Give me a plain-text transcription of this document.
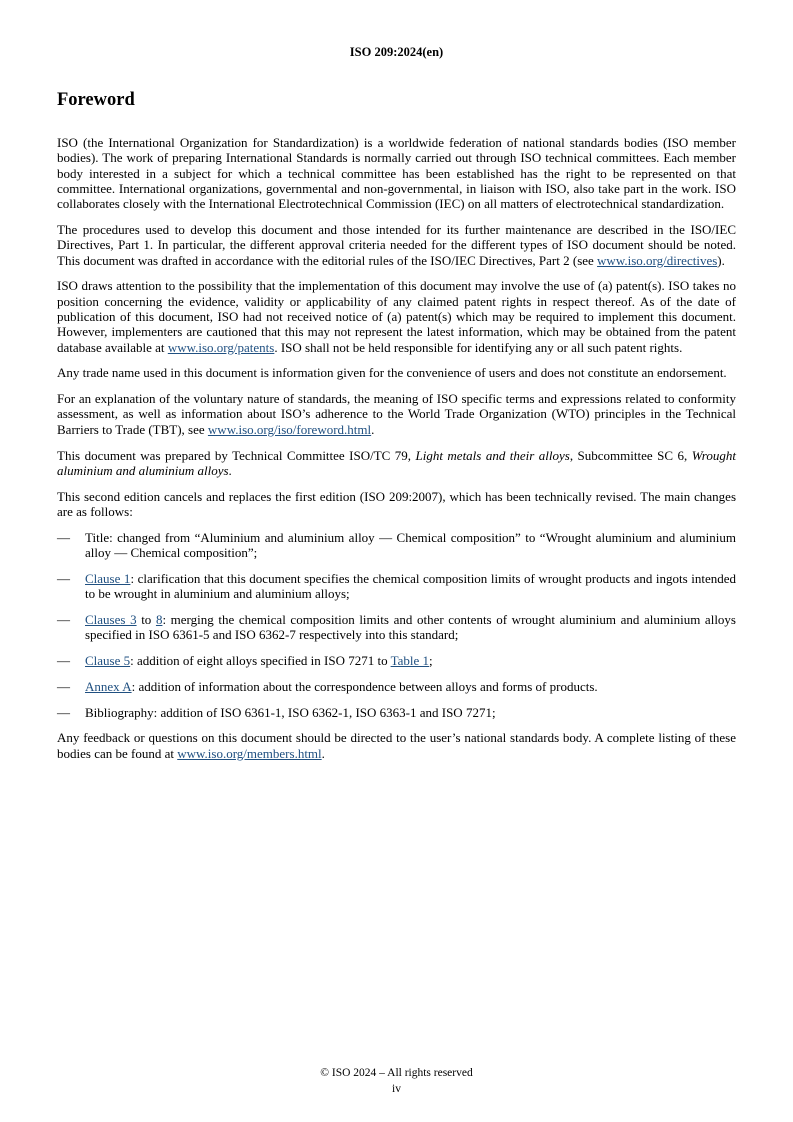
ISO 209:2024(en)
Foreword

ISO (the International Organization for Standardization) is a worldwide federation of national standards bodies (ISO member bodies). The work of preparing International Standards is normally carried out through ISO technical committees. Each member body interested in a subject for which a technical committee has been established has the right to be represented on that committee. International organizations, governmental and non-governmental, in liaison with ISO, also take part in the work. ISO collaborates closely with the International Electrotechnical Commission (IEC) on all matters of electrotechnical standardization.

The procedures used to develop this document and those intended for its further maintenance are described in the ISO/IEC Directives, Part 1. In particular, the different approval criteria needed for the different types of ISO document should be noted. This document was drafted in accordance with the editorial rules of the ISO/IEC Directives, Part 2 (see www.iso.org/directives).

ISO draws attention to the possibility that the implementation of this document may involve the use of (a) patent(s). ISO takes no position concerning the evidence, validity or applicability of any claimed patent rights in respect thereof. As of the date of publication of this document, ISO had not received notice of (a) patent(s) which may be required to implement this document. However, implementers are cautioned that this may not represent the latest information, which may be obtained from the patent database available at www.iso.org/patents. ISO shall not be held responsible for identifying any or all such patent rights.

Any trade name used in this document is information given for the convenience of users and does not constitute an endorsement.

For an explanation of the voluntary nature of standards, the meaning of ISO specific terms and expressions related to conformity assessment, as well as information about ISO’s adherence to the World Trade Organization (WTO) principles in the Technical Barriers to Trade (TBT), see www.iso.org/iso/foreword.html.

This document was prepared by Technical Committee ISO/TC 79, Light metals and their alloys, Subcommittee SC 6, Wrought aluminium and aluminium alloys.

This second edition cancels and replaces the first edition (ISO 209:2007), which has been technically revised. The main changes are as follows:

— Title: changed from “Aluminium and aluminium alloy — Chemical composition” to “Wrought aluminium and aluminium alloy — Chemical composition”;

— Clause 1: clarification that this document specifies the chemical composition limits of wrought products and ingots intended to be wrought in aluminium and aluminium alloys;

— Clauses 3 to 8: merging the chemical composition limits and other contents of wrought aluminium and aluminium alloys specified in ISO 6361-5 and ISO 6362-7 respectively into this standard;

— Clause 5: addition of eight alloys specified in ISO 7271 to Table 1;

— Annex A: addition of information about the correspondence between alloys and forms of products.

— Bibliography: addition of ISO 6361-1, ISO 6362-1, ISO 6363-1 and ISO 7271;

Any feedback or questions on this document should be directed to the user’s national standards body. A complete listing of these bodies can be found at www.iso.org/members.html.

© ISO 2024 – All rights reserved
iv
